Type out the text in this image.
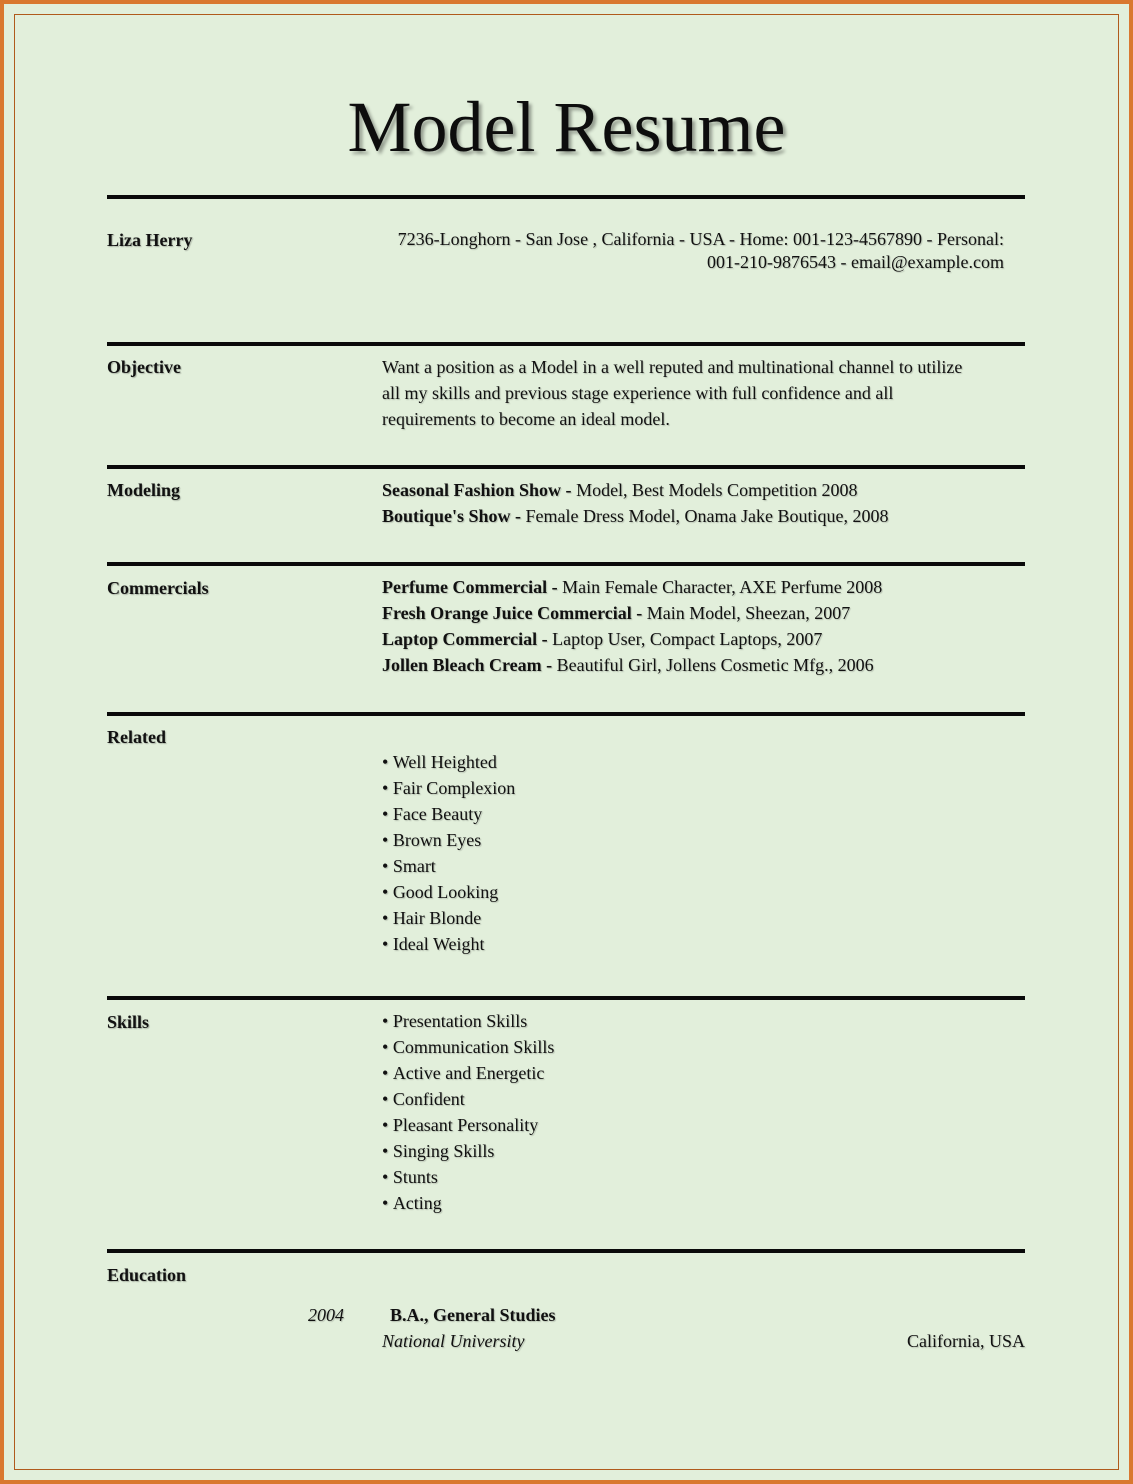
Model Resume
Liza Herry	7236-Longhorn - San Jose , California - USA - Home: 001-123-4567890 - Personal:
001-210-9876543 - email@example.com
Objective	Want a position as a Model in a well reputed and multinational channel to utilize
all my skills and previous stage experience with full confidence and all
requirements to become an ideal model.
Modeling	Seasonal Fashion Show - Model, Best Models Competition 2008
Boutique's Show - Female Dress Model, Onama Jake Boutique, 2008
Commercials	Perfume Commercial - Main Female Character, AXE Perfume 2008
Fresh Orange Juice Commercial - Main Model, Sheezan, 2007
Laptop Commercial - Laptop User, Compact Laptops, 2007
Jollen Bleach Cream - Beautiful Girl, Jollens Cosmetic Mfg., 2006
Related
• Well Heighted
• Fair Complexion
• Face Beauty
• Brown Eyes
• Smart
• Good Looking
• Hair Blonde
• Ideal Weight
Skills
•	Presentation Skills
• Communication Skills
• Active and Energetic
• Confident
• Pleasant Personality
• Singing Skills
• Stunts
• Acting
Education
2004	B.A., General Studies
National University	California, USA
